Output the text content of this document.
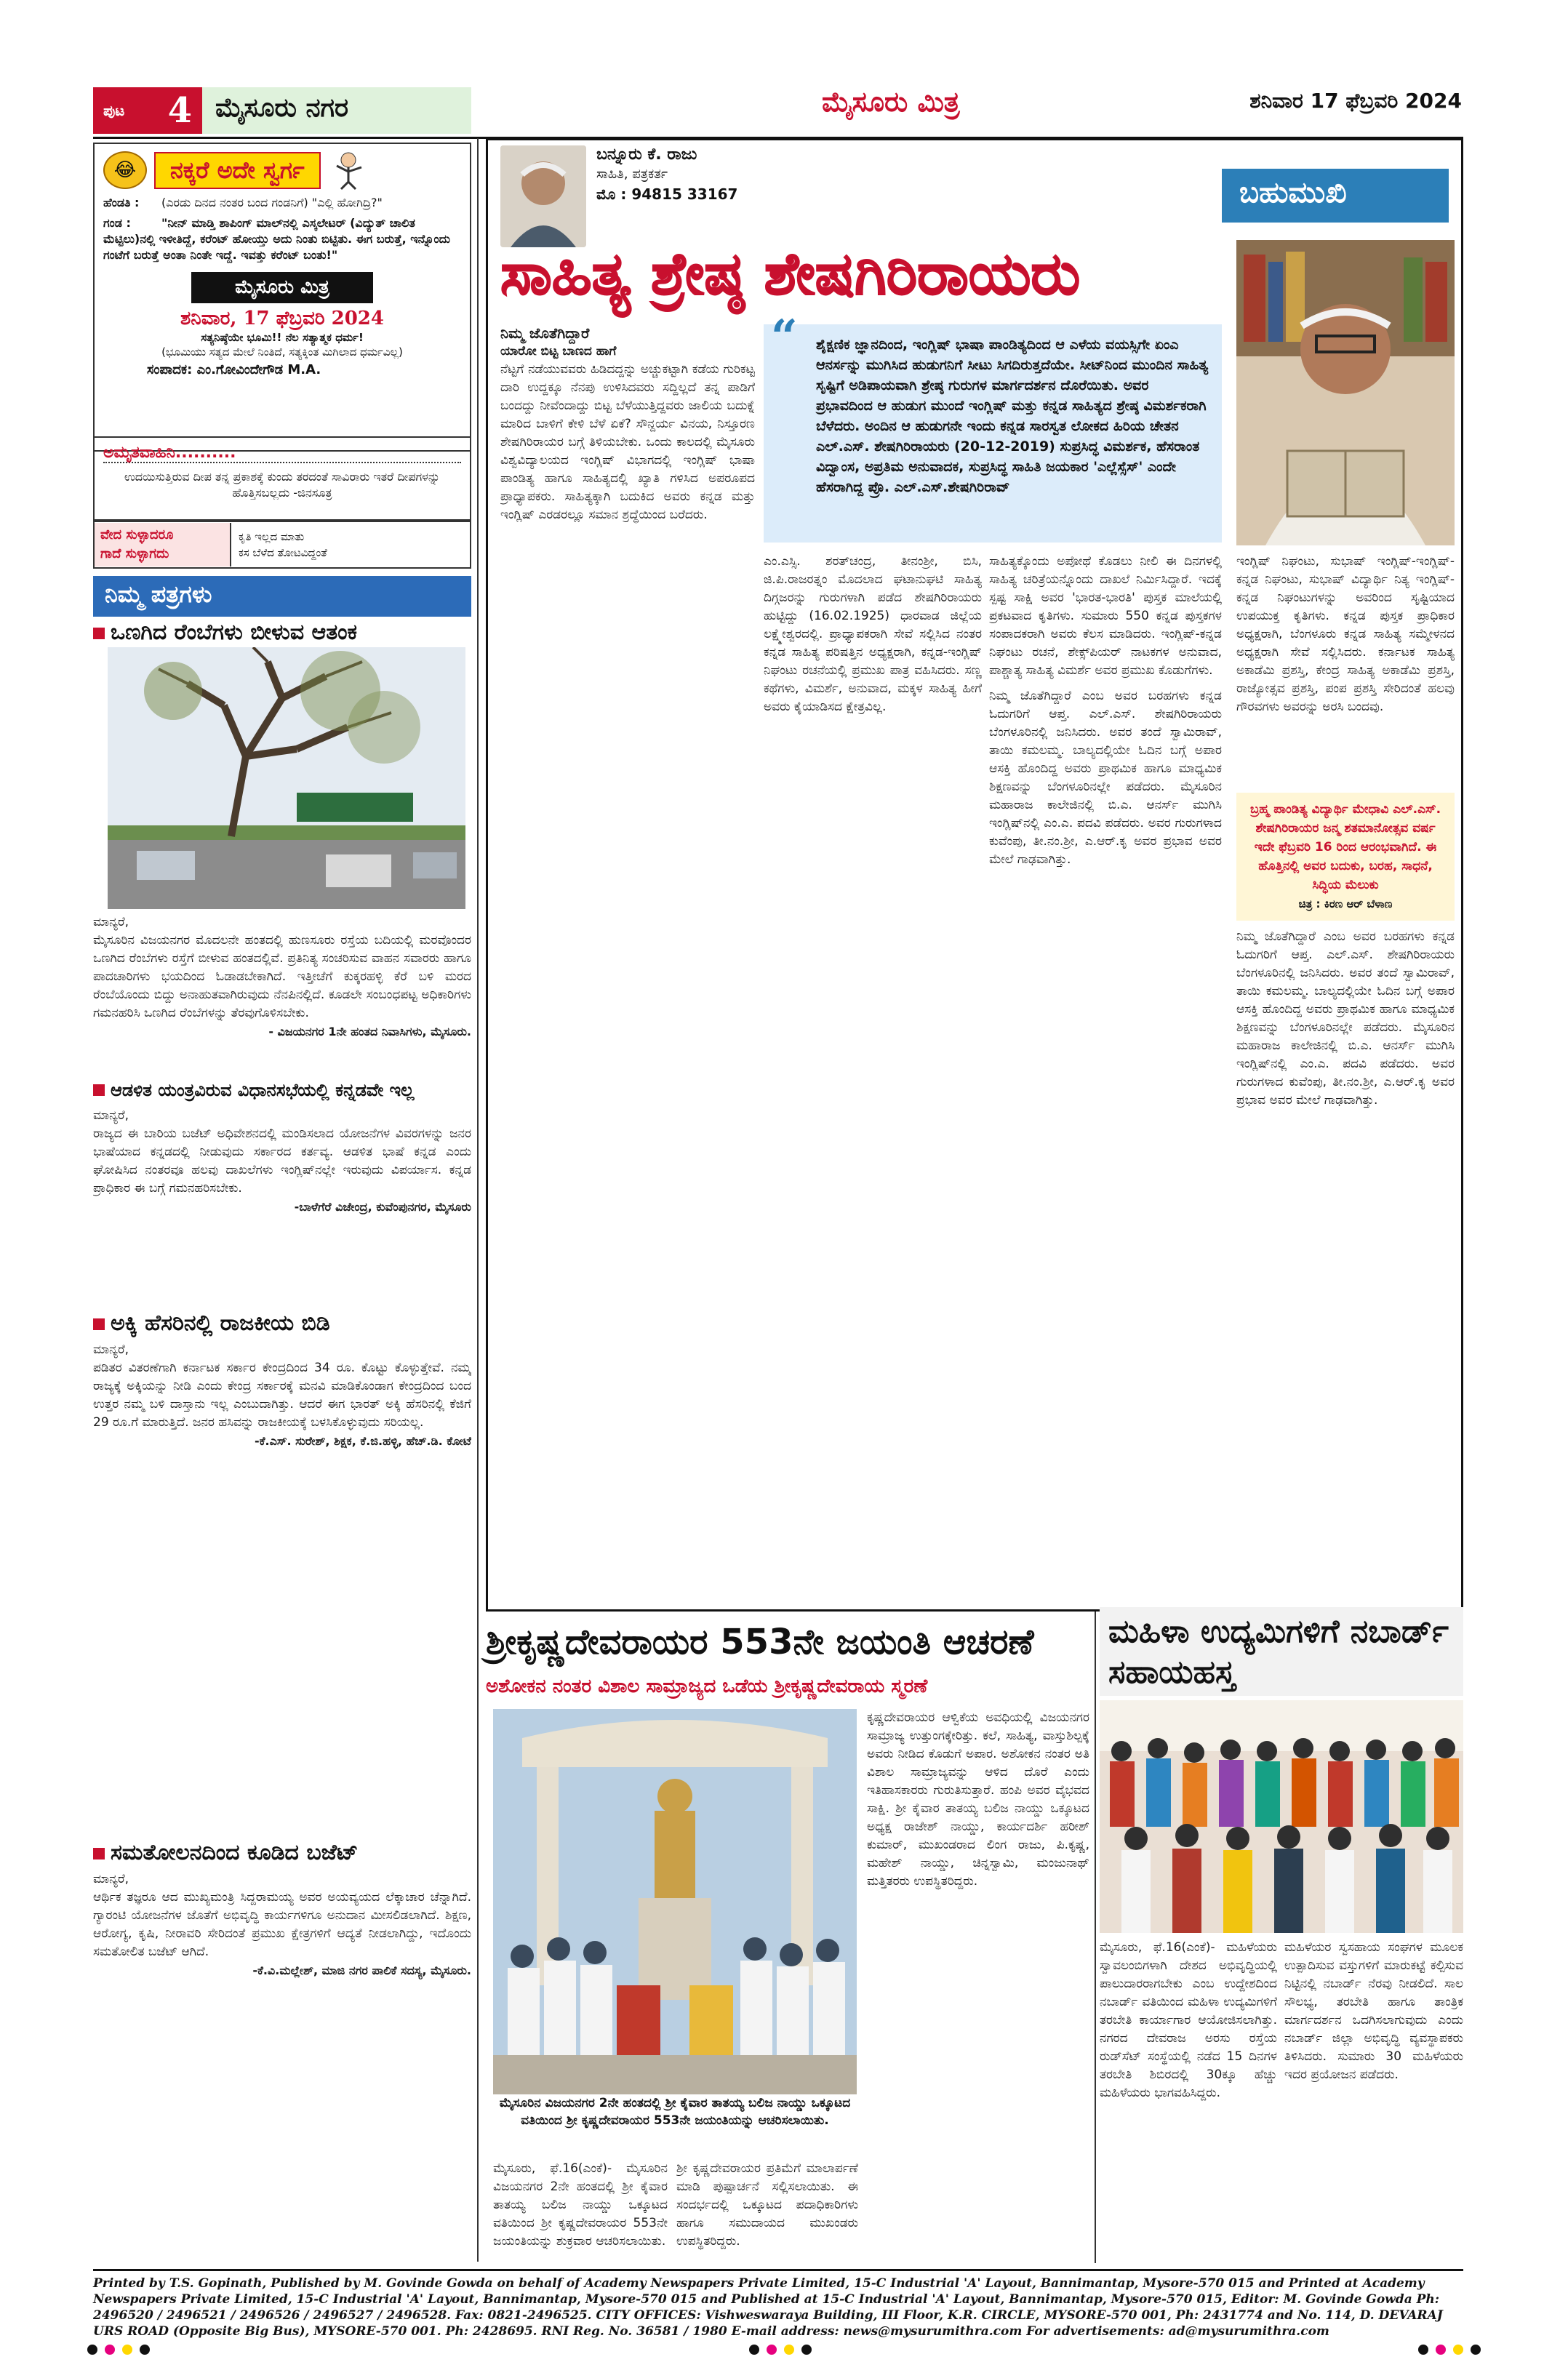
ಪುಟ 4 ಮೈಸೂರು ನಗರ	ಮೈಸೂರು ಮಿತ್ರ	ಶನಿವಾರ 17 ಫೆಬ್ರವರಿ 2024
😂	ನಕ್ಕರೆ ಅದೇ ಸ್ವರ್ಗ
ಹೆಂಡತಿ : (ಎರಡು ದಿನದ ನಂತರ ಬಂದ ಗಂಡನಿಗೆ) "ಎಲ್ಲಿ ಹೋಗಿದ್ರಿ?"
ಗಂಡ :	"ನೀನ್ ಮಾಡ್ತಿ ಶಾಪಿಂಗ್ ಮಾಲ್‌ನಲ್ಲಿ ಎಸ್ಕಲೇಟರ್ (ವಿದ್ಯುತ್ ಚಾಲಿತ ಮೆಟ್ಟಿಲು)ನಲ್ಲಿ ಇಳೀತಿದ್ದೆ, ಕರೆಂಟ್ ಹೋಯ್ತು ಅದು ನಿಂತು ಬಿಟ್ಟಿತು. ಈಗ ಬರುತ್ತೆ, ಇನ್ನೊಂದು ಗಂಟೆಗೆ ಬರುತ್ತೆ ಅಂತಾ ನಿಂತೇ ಇದ್ದೆ. ಇವತ್ತು ಕರೆಂಟ್ ಬಂತು!"
ಮೈಸೂರು ಮಿತ್ರ
ಶನಿವಾರ, 17 ಫೆಬ್ರವರಿ 2024
ಸತ್ಯನಿಷ್ಠೆಯೇ ಭೂಮಿ!! ನೆಲ ಸತ್ಯಾತ್ಮಕ ಧರ್ಮ!
(ಭೂಮಿಯು ಸತ್ಯದ ಮೇಲೆ ನಿಂತಿದೆ, ಸತ್ಯಕ್ಕಿಂತ ಮಿಗಿಲಾದ ಧರ್ಮವಿಲ್ಲ)
ಸಂಪಾದಕ: ಎಂ.ಗೋವಿಂದೇಗೌಡ M.A.
ಅಮೃತವಾಹಿನಿ..........
ಉದಯಿಸುತ್ತಿರುವ ದೀಪ ತನ್ನ ಪ್ರಕಾಶಕ್ಕೆ ಕುಂದು ತರದಂತೆ ಸಾವಿರಾರು ಇತರೆ ದೀಪಗಳನ್ನು ಹೊತ್ತಿಸಬಲ್ಲದು -ಜಿನಸೂತ್ರ
ವೇದ ಸುಳ್ಳಾದರೂ
ಗಾದೆ ಸುಳ್ಳಾಗದು
ಕೃತಿ ಇಲ್ಲದ ಮಾತು
ಕಸ ಬೆಳೆದ ತೋಟವಿದ್ದಂತೆ
ನಿಮ್ಮ ಪತ್ರಗಳು
ಒಣಗಿದ ರೆಂಬೆಗಳು ಬೀಳುವ ಆತಂಕ
ಮಾನ್ಯರೆ,
ಮೈಸೂರಿನ ವಿಜಯನಗರ ಮೊದಲನೇ ಹಂತದಲ್ಲಿ ಹುಣಸೂರು ರಸ್ತೆಯ ಬದಿಯಲ್ಲಿ ಮರವೊಂದರ ಒಣಗಿದ ರೆಂಬೆಗಳು ರಸ್ತೆಗೆ ಬೀಳುವ ಹಂತದಲ್ಲಿವೆ. ಪ್ರತಿನಿತ್ಯ ಸಂಚರಿಸುವ ವಾಹನ ಸವಾರರು ಹಾಗೂ ಪಾದಚಾರಿಗಳು ಭಯದಿಂದ ಓಡಾಡಬೇಕಾಗಿದೆ. ಇತ್ತೀಚೆಗೆ ಕುಕ್ಕರಹಳ್ಳಿ ಕೆರೆ ಬಳಿ ಮರದ ರೆಂಬೆಯೊಂದು ಬಿದ್ದು ಅನಾಹುತವಾಗಿರುವುದು ನೆನಪಿನಲ್ಲಿದೆ. ಕೂಡಲೇ ಸಂಬಂಧಪಟ್ಟ ಅಧಿಕಾರಿಗಳು ಗಮನಹರಿಸಿ ಒಣಗಿದ ರೆಂಬೆಗಳನ್ನು ತೆರವುಗೊಳಿಸಬೇಕು.
- ವಿಜಯನಗರ 1ನೇ ಹಂತದ ನಿವಾಸಿಗಳು, ಮೈಸೂರು.
ಆಡಳಿತ ಯಂತ್ರವಿರುವ ವಿಧಾನಸಭೆಯಲ್ಲಿ ಕನ್ನಡವೇ ಇಲ್ಲ
ಮಾನ್ಯರೆ,
ರಾಜ್ಯದ ಈ ಬಾರಿಯ ಬಜೆಟ್ ಅಧಿವೇಶನದಲ್ಲಿ ಮಂಡಿಸಲಾದ ಯೋಜನೆಗಳ ವಿವರಗಳನ್ನು ಜನರ ಭಾಷೆಯಾದ ಕನ್ನಡದಲ್ಲಿ ನೀಡುವುದು ಸರ್ಕಾರದ ಕರ್ತವ್ಯ. ಆಡಳಿತ ಭಾಷೆ ಕನ್ನಡ ಎಂದು ಘೋಷಿಸಿದ ನಂತರವೂ ಹಲವು ದಾಖಲೆಗಳು ಇಂಗ್ಲಿಷ್‌ನಲ್ಲೇ ಇರುವುದು ವಿಪರ್ಯಾಸ. ಕನ್ನಡ ಪ್ರಾಧಿಕಾರ ಈ ಬಗ್ಗೆ ಗಮನಹರಿಸಬೇಕು.
-ಬಾಳೆಗೆರೆ ವಿಜೇಂದ್ರ, ಕುವೆಂಪುನಗರ, ಮೈಸೂರು
ಅಕ್ಕಿ ಹೆಸರಿನಲ್ಲಿ ರಾಜಕೀಯ ಬಿಡಿ
ಮಾನ್ಯರೆ,
ಪಡಿತರ ವಿತರಣೆಗಾಗಿ ಕರ್ನಾಟಕ ಸರ್ಕಾರ ಕೇಂದ್ರದಿಂದ 34 ರೂ. ಕೊಟ್ಟು ಕೊಳ್ಳುತ್ತೇವೆ. ನಮ್ಮ ರಾಜ್ಯಕ್ಕೆ ಅಕ್ಕಿಯನ್ನು ನೀಡಿ ಎಂದು ಕೇಂದ್ರ ಸರ್ಕಾರಕ್ಕೆ ಮನವಿ ಮಾಡಿಕೊಂಡಾಗ ಕೇಂದ್ರದಿಂದ ಬಂದ ಉತ್ತರ ನಮ್ಮ ಬಳಿ ದಾಸ್ತಾನು ಇಲ್ಲ ಎಂಬುದಾಗಿತ್ತು. ಆದರೆ ಈಗ ಭಾರತ್ ಅಕ್ಕಿ ಹೆಸರಿನಲ್ಲಿ ಕೆಜಿಗೆ 29 ರೂ.ಗೆ ಮಾರುತ್ತಿದೆ. ಜನರ ಹಸಿವನ್ನು ರಾಜಕೀಯಕ್ಕೆ ಬಳಸಿಕೊಳ್ಳುವುದು ಸರಿಯಲ್ಲ.
-ಕೆ.ಎಸ್. ಸುರೇಶ್, ಶಿಕ್ಷಕ, ಕೆ.ಜಿ.ಹಳ್ಳಿ, ಹೆಚ್.ಡಿ. ಕೋಟೆ
ಸಮತೋಲನದಿಂದ ಕೂಡಿದ ಬಜೆಟ್
ಮಾನ್ಯರೆ,
ಆರ್ಥಿಕ ತಜ್ಞರೂ ಆದ ಮುಖ್ಯಮಂತ್ರಿ ಸಿದ್ದರಾಮಯ್ಯ ಅವರ ಅಯವ್ಯಯದ ಲೆಕ್ಕಾಚಾರ ಚೆನ್ನಾಗಿದೆ. ಗ್ಯಾರಂಟಿ ಯೋಜನೆಗಳ ಜೊತೆಗೆ ಅಭಿವೃದ್ಧಿ ಕಾರ್ಯಗಳಿಗೂ ಅನುದಾನ ಮೀಸಲಿಡಲಾಗಿದೆ. ಶಿಕ್ಷಣ, ಆರೋಗ್ಯ, ಕೃಷಿ, ನೀರಾವರಿ ಸೇರಿದಂತೆ ಪ್ರಮುಖ ಕ್ಷೇತ್ರಗಳಿಗೆ ಆದ್ಯತೆ ನೀಡಲಾಗಿದ್ದು, ಇದೊಂದು ಸಮತೋಲಿತ ಬಜೆಟ್ ಆಗಿದೆ.
-ಕೆ.ವಿ.ಮಲ್ಲೇಶ್, ಮಾಜಿ ನಗರ ಪಾಲಿಕೆ ಸದಸ್ಯ, ಮೈಸೂರು.
ಬನ್ನೂರು ಕೆ. ರಾಜು
ಸಾಹಿತಿ, ಪತ್ರಕರ್ತ
ಮೊ : 94815 33167	ಬಹುಮುಖಿ
ಸಾಹಿತ್ಯ ಶ್ರೇಷ್ಠ ಶೇಷಗಿರಿರಾಯರು
“	ಶೈಕ್ಷಣಿಕ ಜ್ಞಾನದಿಂದ, ಇಂಗ್ಲಿಷ್ ಭಾಷಾ ಪಾಂಡಿತ್ಯದಿಂದ ಆ ಎಳೆಯ ವಯಸ್ಸಿಗೇ ಏಂಎ ಆನರ್ಸನ್ನು ಮುಗಿಸಿದ ಹುಡುಗನಿಗೆ ಸೀಟು ಸಿಗದಿರುತ್ತದೆಯೇ. ಸೀಟ್‌ನಿಂದ ಮುಂದಿನ ಸಾಹಿತ್ಯ ಸೃಷ್ಟಿಗೆ ಅಡಿಪಾಯವಾಗಿ ಶ್ರೇಷ್ಠ ಗುರುಗಳ ಮಾರ್ಗದರ್ಶನ ದೊರೆಯಿತು. ಅವರ ಪ್ರಭಾವದಿಂದ ಆ ಹುಡುಗ ಮುಂದೆ ಇಂಗ್ಲಿಷ್ ಮತ್ತು ಕನ್ನಡ ಸಾಹಿತ್ಯದ ಶ್ರೇಷ್ಠ ವಿಮರ್ಶಕರಾಗಿ ಬೆಳೆದರು. ಅಂದಿನ ಆ ಹುಡುಗನೇ ಇಂದು ಕನ್ನಡ ಸಾರಸ್ವತ ಲೋಕದ ಹಿರಿಯ ಚೇತನ ಎಲ್.ಎಸ್. ಶೇಷಗಿರಿರಾಯರು (20-12-2019) ಸುಪ್ರಸಿದ್ಧ ವಿಮರ್ಶಕ, ಹೆಸರಾಂತ ವಿದ್ವಾಂಸ, ಅಪ್ರತಿಮ ಅನುವಾದಕ, ಸುಪ್ರಸಿದ್ಧ ಸಾಹಿತಿ ಜಯಕಾರ 'ಎಲ್ಲೆಸ್ಸೆಸ್' ಎಂದೇ ಹೆಸರಾಗಿದ್ದ ಪ್ರೊ. ಎಲ್.ಎಸ್.ಶೇಷಗಿರಿರಾವ್
ನಿಮ್ಮ ಜೊತೆಗಿದ್ದಾರೆ
ಯಾರೋ ಬಿಟ್ಟ ಬಾಣದ ಹಾಗೆ
ನೆಟ್ಟಗೆ ನಡೆಯುವವರು ಹಿಡಿದದ್ದನ್ನು ಅಚ್ಚುಕಟ್ಟಾಗಿ ಕಡೆಯ ಗುರಿಕಟ್ಟ ದಾರಿ ಉದ್ದಕ್ಕೂ ನೆನಪು ಉಳಿಸಿದವರು ಸದ್ದಿಲ್ಲದೆ ತನ್ನ ಪಾಡಿಗೆ ಬಂದದ್ದು ನೀವೆಂದಾದ್ದು ಬಿಟ್ಟ ಬೆಳೆಯುತ್ತಿದ್ದವರು ಜಾಲಿಯ ಬದುಕ್ನೆ ಮಾರಿದ ಬಾಳಿಗೆ ಕೇಳಿ ಬೆಳೆ ಏಕೆ? ಸೌನ್ದರ್ಯ ವಿನಯ, ನಿಸ್ತೂರಣ ಶೇಷಗಿರಿರಾಯರ ಬಗ್ಗೆ ತಿಳಿಯಬೇಕು. ಒಂದು ಕಾಲದಲ್ಲಿ ಮೈಸೂರು ವಿಶ್ವವಿದ್ಯಾಲಯದ ಇಂಗ್ಲಿಷ್ ವಿಭಾಗದಲ್ಲಿ ಇಂಗ್ಲಿಷ್ ಭಾಷಾ ಪಾಂಡಿತ್ಯ ಹಾಗೂ ಸಾಹಿತ್ಯದಲ್ಲಿ ಖ್ಯಾತಿ ಗಳಿಸಿದ ಅಪರೂಪದ ಪ್ರಾಧ್ಯಾಪಕರು. ಸಾಹಿತ್ಯಕ್ಕಾಗಿ ಬದುಕಿದ ಅವರು ಕನ್ನಡ ಮತ್ತು ಇಂಗ್ಲಿಷ್ ಎರಡರಲ್ಲೂ ಸಮಾನ ಶ್ರದ್ಧೆಯಿಂದ ಬರೆದರು.
ಎಂ.ಎಸ್ಸಿ. ಶರತ್‌ಚಂದ್ರ, ತೀನಂಶ್ರೀ, ಬಿಸಿ, ಜಿ.ಪಿ.ರಾಜರತ್ನಂ ಮೊದಲಾದ ಘಟಾನುಘಟಿ ಸಾಹಿತ್ಯ ದಿಗ್ಗಜರನ್ನು ಗುರುಗಳಾಗಿ ಪಡೆದ ಶೇಷಗಿರಿರಾಯರು ಹುಟ್ಟಿದ್ದು (16.02.1925) ಧಾರವಾಡ ಜಿಲ್ಲೆಯ ಲಕ್ಷ್ಮೇಶ್ವರದಲ್ಲಿ. ಪ್ರಾಧ್ಯಾಪಕರಾಗಿ ಸೇವೆ ಸಲ್ಲಿಸಿದ ನಂತರ ಕನ್ನಡ ಸಾಹಿತ್ಯ ಪರಿಷತ್ತಿನ ಅಧ್ಯಕ್ಷರಾಗಿ, ಕನ್ನಡ-ಇಂಗ್ಲಿಷ್ ನಿಘಂಟು ರಚನೆಯಲ್ಲಿ ಪ್ರಮುಖ ಪಾತ್ರ ವಹಿಸಿದರು. ಸಣ್ಣ ಕಥೆಗಳು, ವಿಮರ್ಶೆ, ಅನುವಾದ, ಮಕ್ಕಳ ಸಾಹಿತ್ಯ ಹೀಗೆ ಅವರು ಕೈಯಾಡಿಸದ ಕ್ಷೇತ್ರವಿಲ್ಲ.
ಸಾಹಿತ್ಯಕ್ಕೊಂದು ಅಪೋಥೆ ಕೊಡಲು ನೀಲಿ ಈ ದಿನಗಳಲ್ಲಿ ಸಾಹಿತ್ಯ ಚರಿತ್ರೆಯನ್ನೊಂದು ದಾಖಲೆ ನಿರ್ಮಿಸಿದ್ದಾರೆ. ಇದಕ್ಕೆ ಸ್ಪಷ್ಟ ಸಾಕ್ಷಿ ಅವರ 'ಭಾರತ-ಭಾರತಿ' ಪುಸ್ತಕ ಮಾಲೆಯಲ್ಲಿ ಪ್ರಕಟವಾದ ಕೃತಿಗಳು. ಸುಮಾರು 550 ಕನ್ನಡ ಪುಸ್ತಕಗಳ ಸಂಪಾದಕರಾಗಿ ಅವರು ಕೆಲಸ ಮಾಡಿದರು. ಇಂಗ್ಲಿಷ್-ಕನ್ನಡ ನಿಘಂಟು ರಚನೆ, ಶೇಕ್ಸ್‌ಪಿಯರ್ ನಾಟಕಗಳ ಅನುವಾದ, ಪಾಶ್ಚಾತ್ಯ ಸಾಹಿತ್ಯ ವಿಮರ್ಶೆ ಅವರ ಪ್ರಮುಖ ಕೊಡುಗೆಗಳು.
ನಿಮ್ಮ ಜೊತೆಗಿದ್ದಾರೆ ಎಂಬ ಅವರ ಬರಹಗಳು ಕನ್ನಡ ಓದುಗರಿಗೆ ಆಪ್ತ. ಎಲ್.ಎಸ್. ಶೇಷಗಿರಿರಾಯರು ಬೆಂಗಳೂರಿನಲ್ಲಿ ಜನಿಸಿದರು. ಅವರ ತಂದೆ ಸ್ವಾಮಿರಾವ್, ತಾಯಿ ಕಮಲಮ್ಮ. ಬಾಲ್ಯದಲ್ಲಿಯೇ ಓದಿನ ಬಗ್ಗೆ ಅಪಾರ ಆಸಕ್ತಿ ಹೊಂದಿದ್ದ ಅವರು ಪ್ರಾಥಮಿಕ ಹಾಗೂ ಮಾಧ್ಯಮಿಕ ಶಿಕ್ಷಣವನ್ನು ಬೆಂಗಳೂರಿನಲ್ಲೇ ಪಡೆದರು. ಮೈಸೂರಿನ ಮಹಾರಾಜ ಕಾಲೇಜಿನಲ್ಲಿ ಬಿ.ಎ. ಆನರ್ಸ್ ಮುಗಿಸಿ ಇಂಗ್ಲಿಷ್‌ನಲ್ಲಿ ಎಂ.ಎ. ಪದವಿ ಪಡೆದರು. ಅವರ ಗುರುಗಳಾದ ಕುವೆಂಪು, ತೀ.ನಂ.ಶ್ರೀ, ಎ.ಆರ್.ಕೃ ಅವರ ಪ್ರಭಾವ ಅವರ ಮೇಲೆ ಗಾಢವಾಗಿತ್ತು.
ಇಂಗ್ಲಿಷ್ ನಿಘಂಟು, ಸುಭಾಷ್ ಇಂಗ್ಲಿಷ್-ಇಂಗ್ಲಿಷ್-ಕನ್ನಡ ನಿಘಂಟು, ಸುಭಾಷ್ ವಿದ್ಯಾರ್ಥಿ ನಿತ್ಯ ಇಂಗ್ಲಿಷ್-ಕನ್ನಡ ನಿಘಂಟುಗಳನ್ನು ಅವರಿಂದ ಸೃಷ್ಟಿಯಾದ ಉಪಯುಕ್ತ ಕೃತಿಗಳು. ಕನ್ನಡ ಪುಸ್ತಕ ಪ್ರಾಧಿಕಾರ ಅಧ್ಯಕ್ಷರಾಗಿ, ಬೆಂಗಳೂರು ಕನ್ನಡ ಸಾಹಿತ್ಯ ಸಮ್ಮೇಳನದ ಅಧ್ಯಕ್ಷರಾಗಿ ಸೇವೆ ಸಲ್ಲಿಸಿದರು. ಕರ್ನಾಟಕ ಸಾಹಿತ್ಯ ಅಕಾಡೆಮಿ ಪ್ರಶಸ್ತಿ, ಕೇಂದ್ರ ಸಾಹಿತ್ಯ ಅಕಾಡೆಮಿ ಪ್ರಶಸ್ತಿ, ರಾಜ್ಯೋತ್ಸವ ಪ್ರಶಸ್ತಿ, ಪಂಪ ಪ್ರಶಸ್ತಿ ಸೇರಿದಂತೆ ಹಲವು ಗೌರವಗಳು ಅವರನ್ನು ಅರಸಿ ಬಂದವು.
ಬ್ರಹ್ಮ ಪಾಂಡಿತ್ಯ ವಿದ್ಯಾರ್ಥಿ ಮೇಧಾವಿ ಎಲ್.ಎಸ್. ಶೇಷಗಿರಿರಾಯರ ಜನ್ಮ ಶತಮಾನೋತ್ಸವ ವರ್ಷ ಇದೇ ಫೆಬ್ರವರಿ 16 ರಿಂದ ಆರಂಭವಾಗಿದೆ. ಈ ಹೊತ್ತಿನಲ್ಲಿ ಅವರ ಬದುಕು, ಬರಹ, ಸಾಧನೆ, ಸಿದ್ಧಿಯ ಮೆಲುಕು
ಚಿತ್ರ : ಕಿರಣ ಆರ್ ಬೆಳಾಣ
ನಿಮ್ಮ ಜೊತೆಗಿದ್ದಾರೆ ಎಂಬ ಅವರ ಬರಹಗಳು ಕನ್ನಡ ಓದುಗರಿಗೆ ಆಪ್ತ. ಎಲ್.ಎಸ್. ಶೇಷಗಿರಿರಾಯರು ಬೆಂಗಳೂರಿನಲ್ಲಿ ಜನಿಸಿದರು. ಅವರ ತಂದೆ ಸ್ವಾಮಿರಾವ್, ತಾಯಿ ಕಮಲಮ್ಮ. ಬಾಲ್ಯದಲ್ಲಿಯೇ ಓದಿನ ಬಗ್ಗೆ ಅಪಾರ ಆಸಕ್ತಿ ಹೊಂದಿದ್ದ ಅವರು ಪ್ರಾಥಮಿಕ ಹಾಗೂ ಮಾಧ್ಯಮಿಕ ಶಿಕ್ಷಣವನ್ನು ಬೆಂಗಳೂರಿನಲ್ಲೇ ಪಡೆದರು. ಮೈಸೂರಿನ ಮಹಾರಾಜ ಕಾಲೇಜಿನಲ್ಲಿ ಬಿ.ಎ. ಆನರ್ಸ್ ಮುಗಿಸಿ ಇಂಗ್ಲಿಷ್‌ನಲ್ಲಿ ಎಂ.ಎ. ಪದವಿ ಪಡೆದರು. ಅವರ ಗುರುಗಳಾದ ಕುವೆಂಪು, ತೀ.ನಂ.ಶ್ರೀ, ಎ.ಆರ್.ಕೃ ಅವರ ಪ್ರಭಾವ ಅವರ ಮೇಲೆ ಗಾಢವಾಗಿತ್ತು.
ಶ್ರೀಕೃಷ್ಣದೇವರಾಯರ 553ನೇ ಜಯಂತಿ ಆಚರಣೆ
ಅಶೋಕನ ನಂತರ ವಿಶಾಲ ಸಾಮ್ರಾಜ್ಯದ ಒಡೆಯ ಶ್ರೀಕೃಷ್ಣದೇವರಾಯ ಸ್ಮರಣೆ
ಮೈಸೂರಿನ ವಿಜಯನಗರ 2ನೇ ಹಂತದಲ್ಲಿ ಶ್ರೀ ಕೈವಾರ ತಾತಯ್ಯ ಬಲಿಜ ನಾಯ್ಡು ಒಕ್ಕೂಟದ ವತಿಯಿಂದ ಶ್ರೀ ಕೃಷ್ಣದೇವರಾಯರ 553ನೇ ಜಯಂತಿಯನ್ನು ಆಚರಿಸಲಾಯಿತು.
ಮೈಸೂರು, ಫೆ.16(ಎಂಕೆ)- ಮೈಸೂರಿನ ವಿಜಯನಗರ 2ನೇ ಹಂತದಲ್ಲಿ ಶ್ರೀ ಕೈವಾರ ತಾತಯ್ಯ ಬಲಿಜ ನಾಯ್ಡು ಒಕ್ಕೂಟದ ವತಿಯಿಂದ ಶ್ರೀ ಕೃಷ್ಣದೇವರಾಯರ 553ನೇ ಜಯಂತಿಯನ್ನು ಶುಕ್ರವಾರ ಆಚರಿಸಲಾಯಿತು.
ಶ್ರೀ ಕೃಷ್ಣದೇವರಾಯರ ಪ್ರತಿಮೆಗೆ ಮಾಲಾರ್ಪಣೆ ಮಾಡಿ ಪುಷ್ಪಾರ್ಚನೆ ಸಲ್ಲಿಸಲಾಯಿತು. ಈ ಸಂದರ್ಭದಲ್ಲಿ ಒಕ್ಕೂಟದ ಪದಾಧಿಕಾರಿಗಳು ಹಾಗೂ ಸಮುದಾಯದ ಮುಖಂಡರು ಉಪಸ್ಥಿತರಿದ್ದರು.
ಕೃಷ್ಣದೇವರಾಯರ ಆಳ್ವಿಕೆಯ ಅವಧಿಯಲ್ಲಿ ವಿಜಯನಗರ ಸಾಮ್ರಾಜ್ಯ ಉತ್ತುಂಗಕ್ಕೇರಿತ್ತು. ಕಲೆ, ಸಾಹಿತ್ಯ, ವಾಸ್ತುಶಿಲ್ಪಕ್ಕೆ ಅವರು ನೀಡಿದ ಕೊಡುಗೆ ಅಪಾರ. ಅಶೋಕನ ನಂತರ ಅತಿ ವಿಶಾಲ ಸಾಮ್ರಾಜ್ಯವನ್ನು ಆಳಿದ ದೊರೆ ಎಂದು ಇತಿಹಾಸಕಾರರು ಗುರುತಿಸುತ್ತಾರೆ. ಹಂಪಿ ಅವರ ವೈಭವದ ಸಾಕ್ಷಿ. ಶ್ರೀ ಕೈವಾರ ತಾತಯ್ಯ ಬಲಿಜ ನಾಯ್ಡು ಒಕ್ಕೂಟದ ಅಧ್ಯಕ್ಷ ರಾಜೇಶ್ ನಾಯ್ಡು, ಕಾರ್ಯದರ್ಶಿ ಹರೀಶ್ ಕುಮಾರ್, ಮುಖಂಡರಾದ ಲಿಂಗ ರಾಜು, ಪಿ.ಕೃಷ್ಣ, ಮಹೇಶ್ ನಾಯ್ಡು, ಚಿನ್ನಸ್ವಾಮಿ, ಮಂಜುನಾಥ್ ಮತ್ತಿತರರು ಉಪಸ್ಥಿತರಿದ್ದರು.
ಮಹಿಳಾ ಉದ್ಯಮಿಗಳಿಗೆ ನಬಾರ್ಡ್ ಸಹಾಯಹಸ್ತ
ಮೈಸೂರು, ಫೆ.16(ಎಂಕೆ)- ಮಹಿಳೆಯರು ಸ್ವಾವಲಂಬಿಗಳಾಗಿ ದೇಶದ ಅಭಿವೃದ್ಧಿಯಲ್ಲಿ ಪಾಲುದಾರರಾಗಬೇಕು ಎಂಬ ಉದ್ದೇಶದಿಂದ ನಬಾರ್ಡ್ ವತಿಯಿಂದ ಮಹಿಳಾ ಉದ್ಯಮಿಗಳಿಗೆ ತರಬೇತಿ ಕಾರ್ಯಾಗಾರ ಆಯೋಜಿಸಲಾಗಿತ್ತು. ನಗರದ ದೇವರಾಜ ಅರಸು ರಸ್ತೆಯ ರುಡ್‌ಸೆಟ್ ಸಂಸ್ಥೆಯಲ್ಲಿ ನಡೆದ 15 ದಿನಗಳ ತರಬೇತಿ ಶಿಬಿರದಲ್ಲಿ 30ಕ್ಕೂ ಹೆಚ್ಚು ಮಹಿಳೆಯರು ಭಾಗವಹಿಸಿದ್ದರು.
ಮಹಿಳೆಯರ ಸ್ವಸಹಾಯ ಸಂಘಗಳ ಮೂಲಕ ಉತ್ಪಾದಿಸುವ ವಸ್ತುಗಳಿಗೆ ಮಾರುಕಟ್ಟೆ ಕಲ್ಪಿಸುವ ನಿಟ್ಟಿನಲ್ಲಿ ನಬಾರ್ಡ್ ನೆರವು ನೀಡಲಿದೆ. ಸಾಲ ಸೌಲಭ್ಯ, ತರಬೇತಿ ಹಾಗೂ ತಾಂತ್ರಿಕ ಮಾರ್ಗದರ್ಶನ ಒದಗಿಸಲಾಗುವುದು ಎಂದು ನಬಾರ್ಡ್ ಜಿಲ್ಲಾ ಅಭಿವೃದ್ಧಿ ವ್ಯವಸ್ಥಾಪಕರು ತಿಳಿಸಿದರು. ಸುಮಾರು 30 ಮಹಿಳೆಯರು ಇದರ ಪ್ರಯೋಜನ ಪಡೆದರು.
Printed by T.S. Gopinath, Published by M. Govinde Gowda on behalf of Academy Newspapers Private Limited, 15-C Industrial 'A' Layout, Bannimantap, Mysore-570 015 and Printed at Academy Newspapers Private Limited, 15-C Industrial 'A' Layout, Bannimantap, Mysore-570 015 and Published at 15-C Industrial 'A' Layout, Bannimantap, Mysore-570 015, Editor: M. Govinde Gowda Ph: 2496520 / 2496521 / 2496526 / 2496527 / 2496528. Fax: 0821-2496525. CITY OFFICES: Vishweswaraya Building, III Floor, K.R. CIRCLE, MYSORE-570 001, Ph: 2431774 and No. 114, D. DEVARAJ URS ROAD (Opposite Big Bus), MYSORE-570 001. Ph: 2428695. RNI Reg. No. 36581 / 1980 E-mail address: news@mysurumithra.com For advertisements: ad@mysurumithra.com
